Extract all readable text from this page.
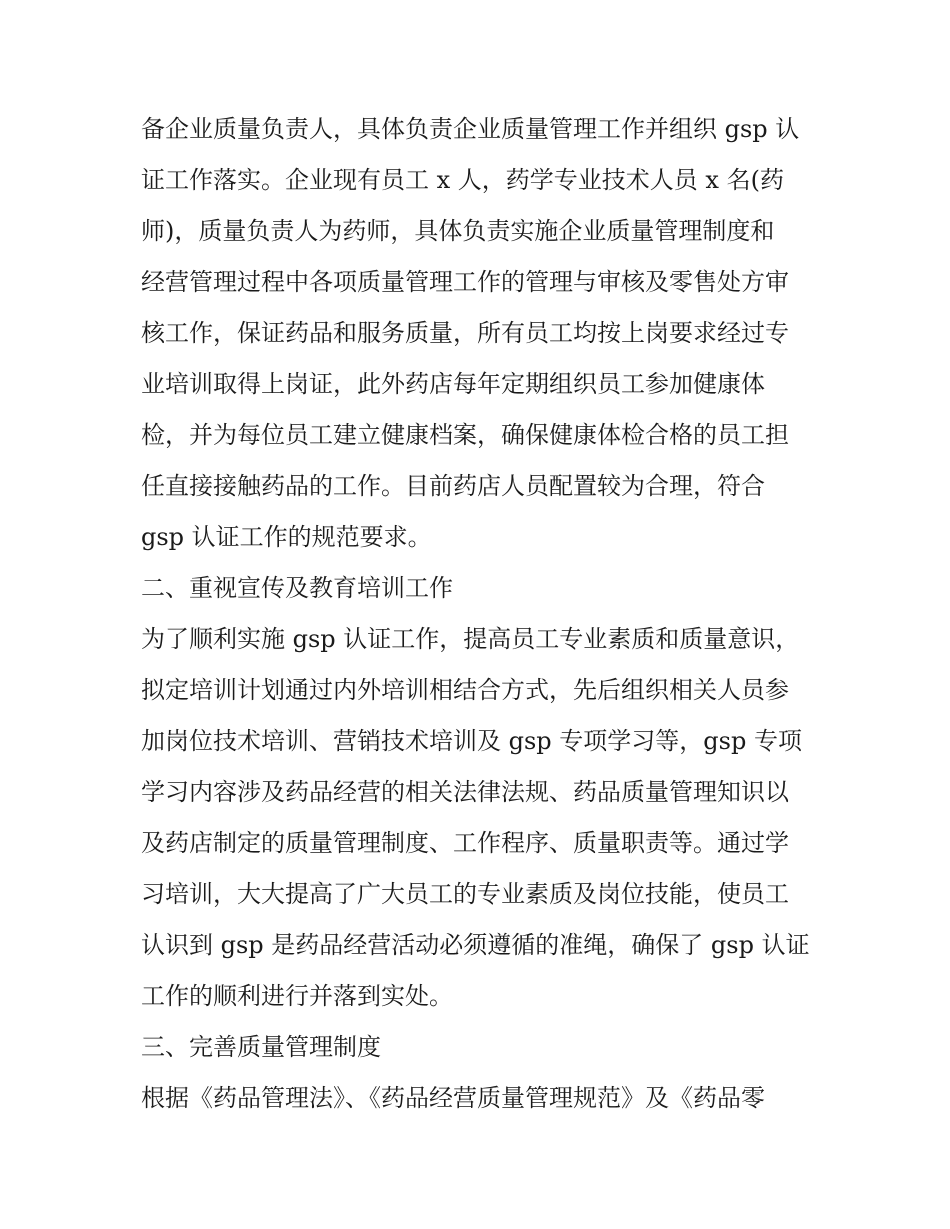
备企业质量负责人，具体负责企业质量管理工作并组织 gsp 认
证工作落实。企业现有员工 x 人，药学专业技术人员 x 名(药
师)，质量负责人为药师，具体负责实施企业质量管理制度和
经营管理过程中各项质量管理工作的管理与审核及零售处方审
核工作，保证药品和服务质量，所有员工均按上岗要求经过专
业培训取得上岗证，此外药店每年定期组织员工参加健康体
检，并为每位员工建立健康档案，确保健康体检合格的员工担
任直接接触药品的工作。目前药店人员配置较为合理，符合
gsp 认证工作的规范要求。
二、重视宣传及教育培训工作
为了顺利实施 gsp 认证工作，提高员工专业素质和质量意识，
拟定培训计划通过内外培训相结合方式，先后组织相关人员参
加岗位技术培训、营销技术培训及 gsp 专项学习等，gsp 专项
学习内容涉及药品经营的相关法律法规、药品质量管理知识以
及药店制定的质量管理制度、工作程序、质量职责等。通过学
习培训，大大提高了广大员工的专业素质及岗位技能，使员工
认识到 gsp 是药品经营活动必须遵循的准绳，确保了 gsp 认证
工作的顺利进行并落到实处。
三、完善质量管理制度
根据《药品管理法》、《药品经营质量管理规范》及《药品零
